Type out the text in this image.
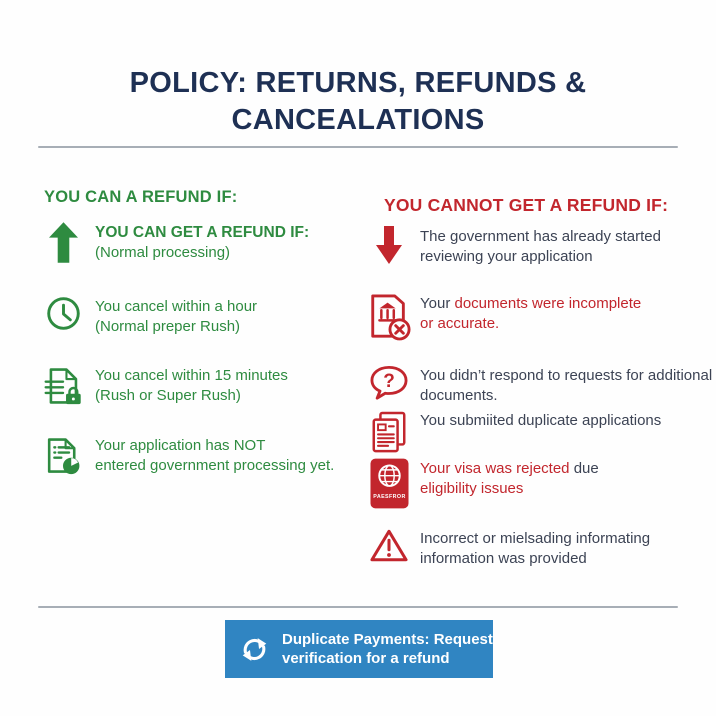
POLICY: RETURNS, REFUNDS &
CANCEALATIONS
YOU CAN A REFUND IF:
YOU CAN GET A REFUND IF:
(Normal processing)
You cancel within a hour
(Normal preper Rush)
You cancel within 15 minutes
(Rush or Super Rush)
Your application has NOT
entered government processing yet.
YOU CANNOT GET A REFUND IF:
The government has already started
reviewing your application
Your documents were incomplete
or accurate.
? You didn’t respond to requests for additional
documents.
You submiited duplicate applications
PAESFROR
Your visa was rejected due
eligibility issues
Incorrect or mielsading informating
information was provided
Duplicate Payments: Request
verification for a refund
